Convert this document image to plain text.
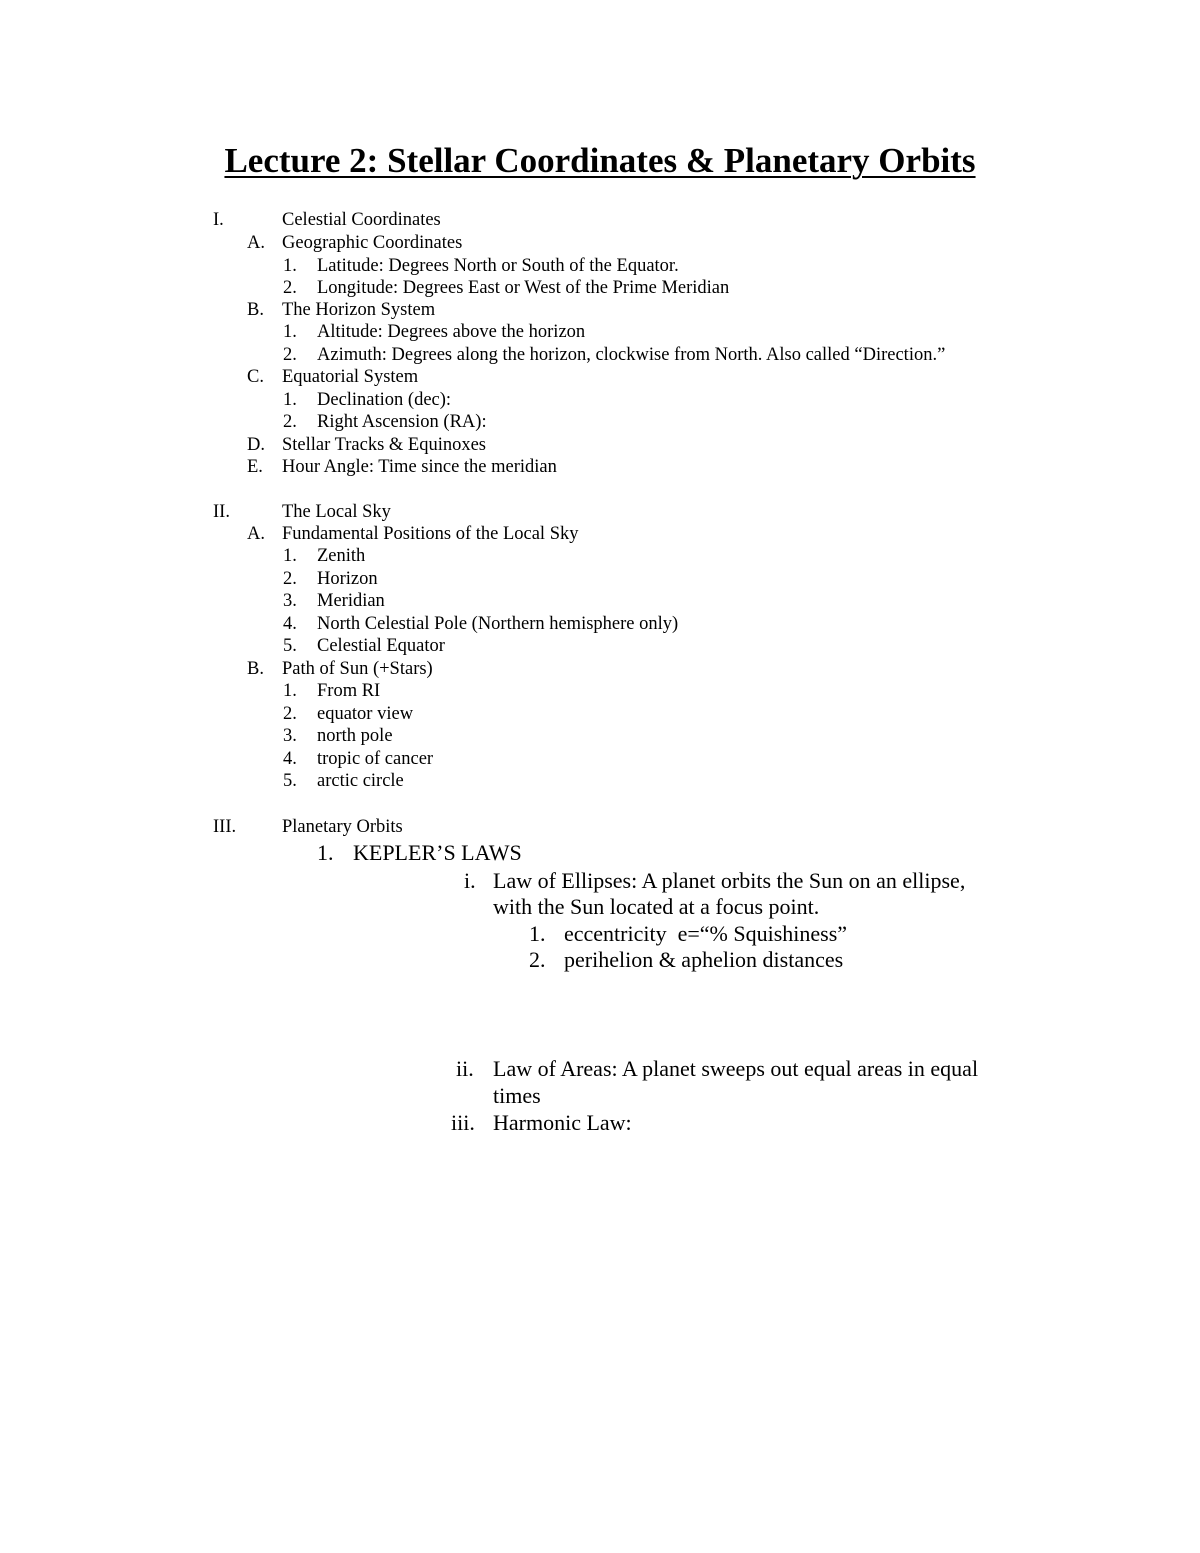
Lecture 2: Stellar Coordinates & Planetary Orbits
I.	Celestial Coordinates
A. Geographic Coordinates
1. Latitude: Degrees North or South of the Equator.
2. Longitude: Degrees East or West of the Prime Meridian
B. The Horizon System
1. Altitude: Degrees above the horizon
2. Azimuth: Degrees along the horizon, clockwise from North. Also called “Direction.”
C. Equatorial System
1. Declination (dec):
2. Right Ascension (RA):
D. Stellar Tracks & Equinoxes
E. Hour Angle: Time since the meridian
II.	The Local Sky
A. Fundamental Positions of the Local Sky
1. Zenith
2. Horizon
3. Meridian
4. North Celestial Pole (Northern hemisphere only)
5. Celestial Equator
B. Path of Sun (+Stars)
1. From RI
2. equator view
3. north pole
4. tropic of cancer
5. arctic circle
III. Planetary Orbits
1. KEPLER’S LAWS
i. Law of Ellipses: A planet orbits the Sun on an ellipse,
with the Sun located at a focus point.
1. eccentricity  e=“% Squishiness”
2. perihelion & aphelion distances
ii. Law of Areas: A planet sweeps out equal areas in equal
times
iii. Harmonic Law:
